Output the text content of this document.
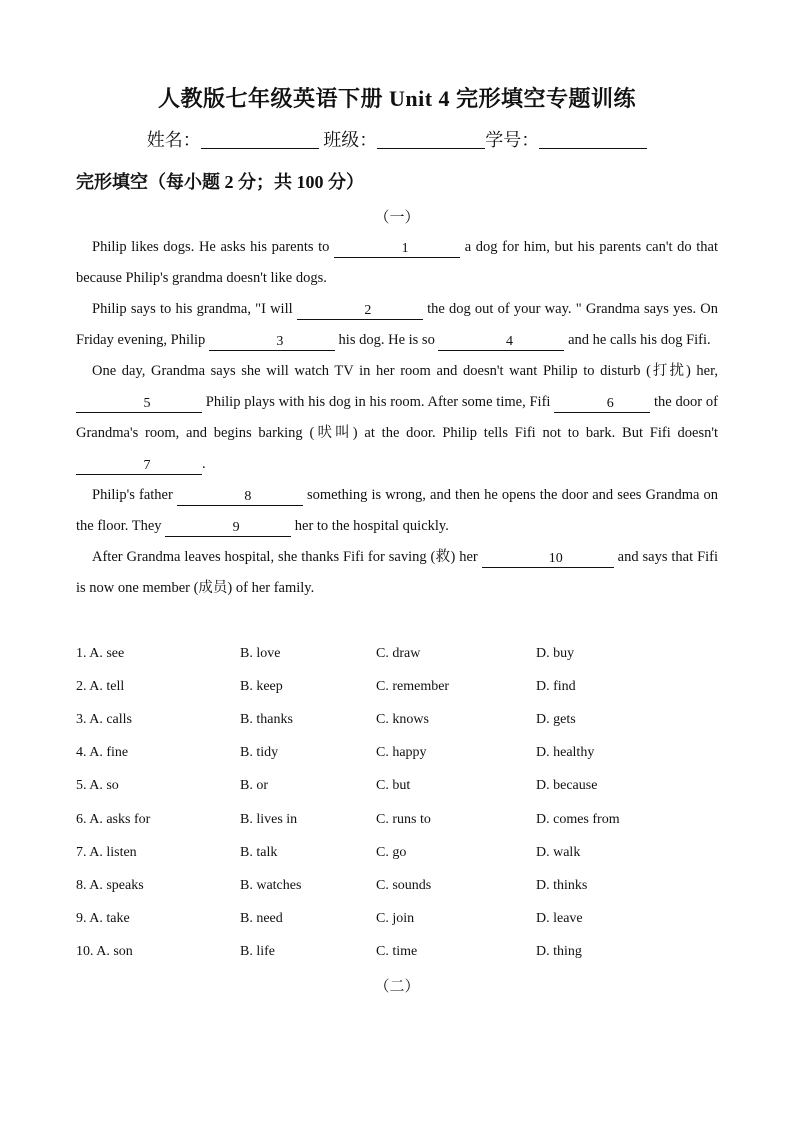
人教版七年级英语下册 Unit 4 完形填空专题训练
姓名：	班级：	学号：
完形填空（每小题 2 分；共 100 分）
（一）

Philip likes dogs. He asks his parents to	1	a dog for him, but his parents can't do that because Philip's grandma doesn't like dogs.

Philip says to his grandma, "I will	2	the dog out of your way. " Grandma says yes. On Friday evening, Philip	3	his dog. He is so	4	and he calls his dog Fifi.

One day, Grandma says she will watch TV in her room and doesn't want Philip to disturb (打扰) her, 5	Philip plays with his dog in his room. After some time, Fifi	6	the door of Grandma's room, and begins barking (吠叫) at the door. Philip tells Fifi not to bark. But Fifi doesn't 7	.

Philip's father	8	something is wrong, and then he opens the door and sees Grandma on the floor. They	9	her to the hospital quickly.

After Grandma leaves hospital, she thanks Fifi for saving (救) her	10	and says that Fifi is now one member (成员) of her family.

1. A. see	B. love	C. draw	D. buy
2. A. tell	B. keep	C. remember	D. find
3. A. calls	B. thanks	C. knows	D. gets
4. A. fine	B. tidy	C. happy	D. healthy
5. A. so	B. or	C. but	D. because
6. A. asks for	B. lives in	C. runs to	D. comes from
7. A. listen	B. talk	C. go	D. walk
8. A. speaks	B. watches	C. sounds	D. thinks
9. A. take	B. need	C. join	D. leave
10. A. son	B. life	C. time	D. thing
（二）
